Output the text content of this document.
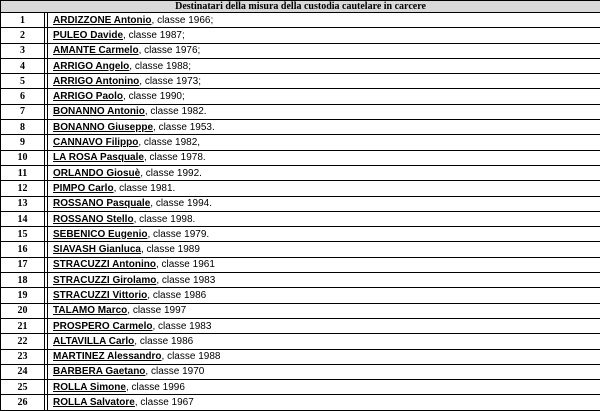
Destinatari della misura della custodia cautelare in carcere		
1		ARDIZZONE Antonio, classe 1966;
2		PULEO Davide, classe 1987;
3		AMANTE Carmelo, classe 1976;
4		ARRIGO Angelo, classe 1988;
5		ARRIGO Antonino, classe 1973;
6		ARRIGO Paolo, classe 1990;
7		BONANNO Antonio, classe 1982.
8		BONANNO Giuseppe, classe 1953.
9		CANNAVO Filippo, classe 1982,
10		LA ROSA Pasquale, classe 1978.
11		ORLANDO Giosuè, classe 1992.
12		PIMPO Carlo, classe 1981.
13		ROSSANO Pasquale, classe 1994.
14		ROSSANO Stello, classe 1998.
15		SEBENICO Eugenio, classe 1979.
16		SIAVASH Gianluca, classe 1989
17		STRACUZZI Antonino, classe 1961
18		STRACUZZI Girolamo, classe 1983
19		STRACUZZI Vittorio, classe 1986
20		TALAMO Marco, classe 1997
21		PROSPERO Carmelo, classe 1983
22		ALTAVILLA Carlo, classe 1986
23		MARTINEZ Alessandro, classe 1988
24		BARBERA Gaetano, classe 1970
25		ROLLA Simone, classe 1996
26		ROLLA Salvatore, classe 1967
